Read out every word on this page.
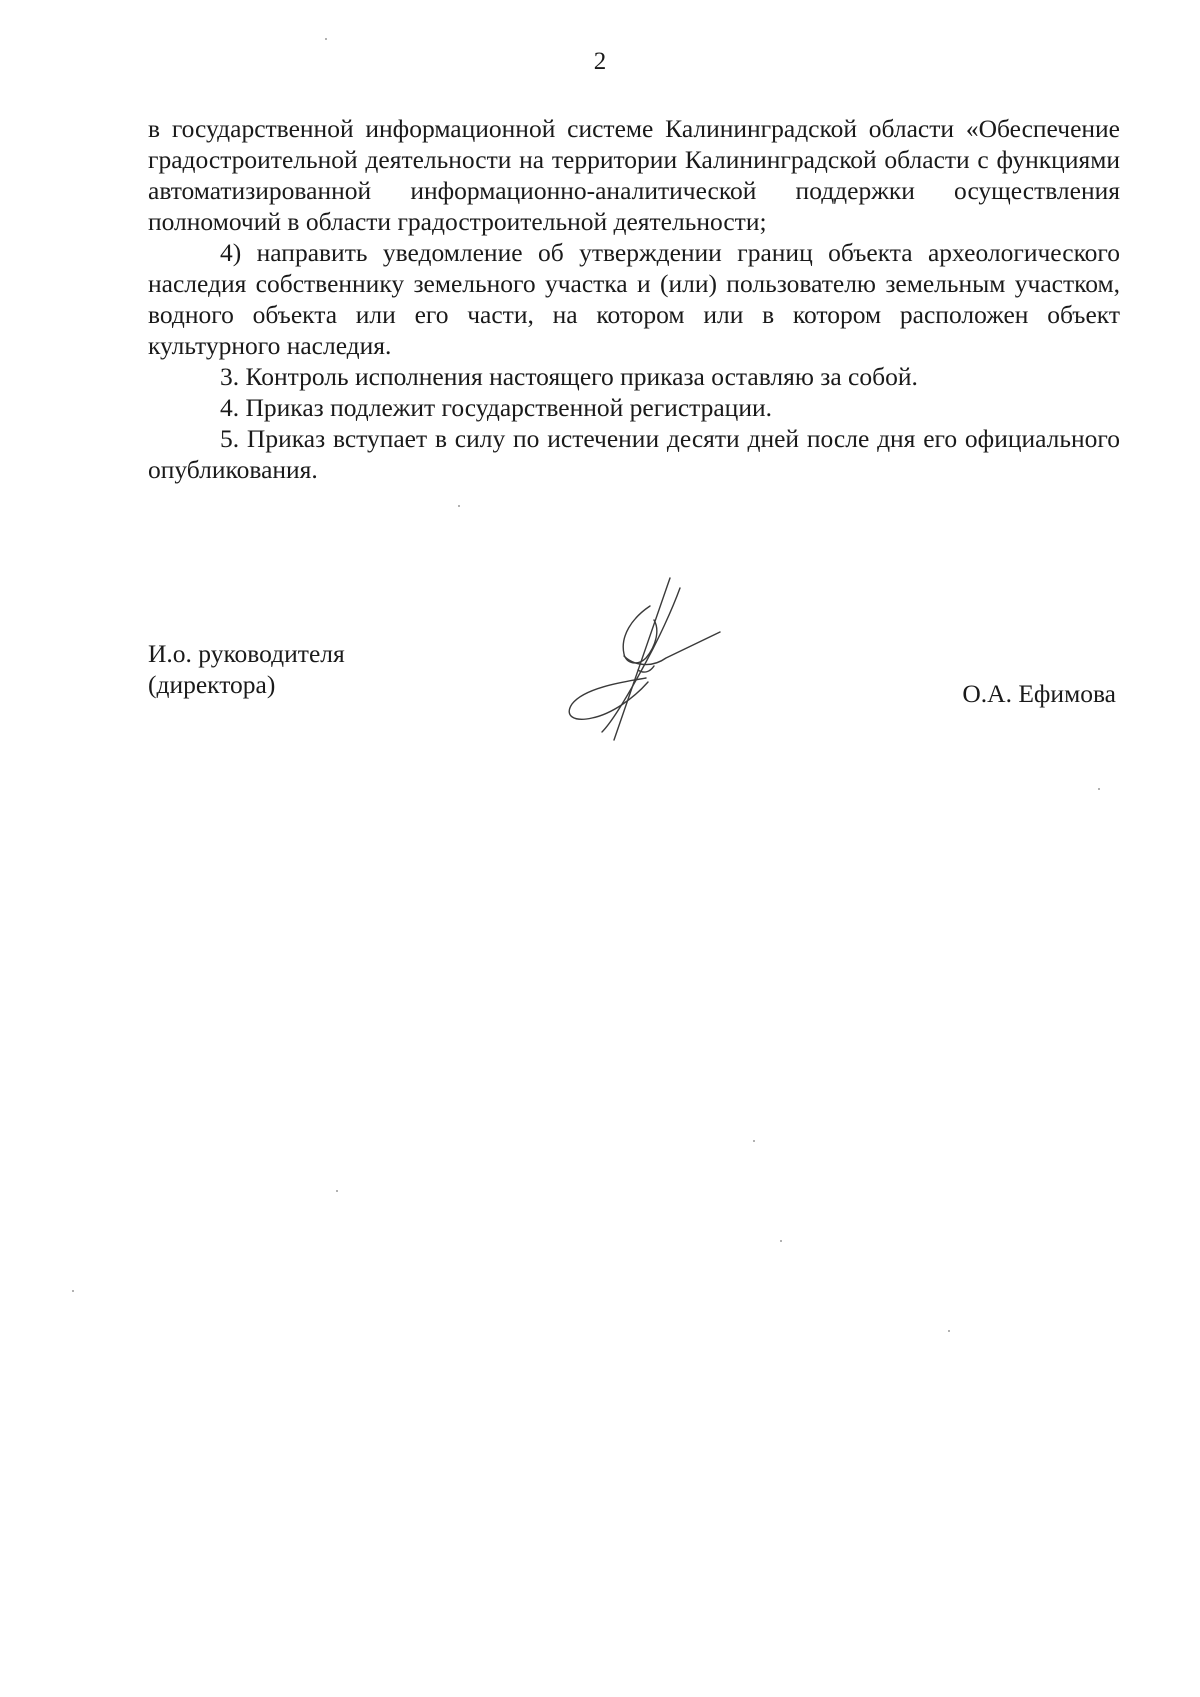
2

в государственной информационной системе Калининградской области «Обеспечение градостроительной деятельности на территории Калининградской области с функциями автоматизированной информационно-аналитической поддержки осуществления полномочий в области градостроительной деятельности;

4) направить уведомление об утверждении границ объекта археологического наследия собственнику земельного участка и (или) пользователю земельным участком, водного объекта или его части, на котором или в котором расположен объект культурного наследия.

3. Контроль исполнения настоящего приказа оставляю за собой.

4. Приказ подлежит государственной регистрации.

5. Приказ вступает в силу по истечении десяти дней после дня его официального опубликования.

И.о. руководителя
(директора)	О.А. Ефимова
